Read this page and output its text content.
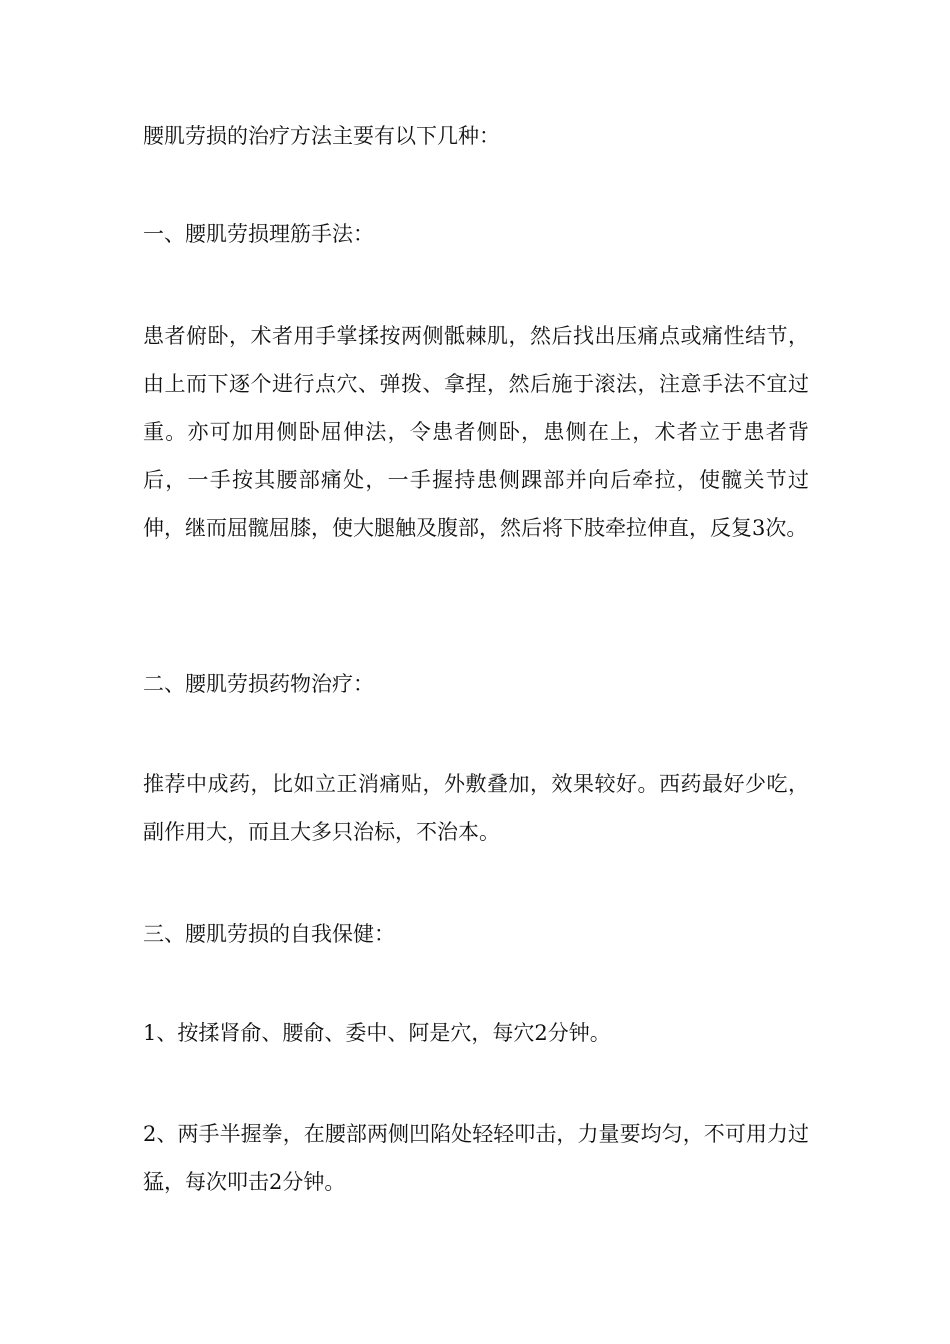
腰肌劳损的治疗方法主要有以下几种：

一、腰肌劳损理筋手法：

患者俯卧，术者用手掌揉按两侧骶棘肌，然后找出压痛点或痛性结节，由上而下逐个进行点穴、弹拨、拿捏，然后施于滚法，注意手法不宜过重。亦可加用侧卧屈伸法，令患者侧卧，患侧在上，术者立于患者背后，一手按其腰部痛处，一手握持患侧踝部并向后牵拉，使髋关节过伸，继而屈髋屈膝，使大腿触及腹部，然后将下肢牵拉伸直，反复3次。

二、腰肌劳损药物治疗：

推荐中成药，比如立正消痛贴，外敷叠加，效果较好。西药最好少吃，副作用大，而且大多只治标，不治本。

三、腰肌劳损的自我保健：

1、按揉肾俞、腰俞、委中、阿是穴，每穴2分钟。

2、两手半握拳，在腰部两侧凹陷处轻轻叩击，力量要均匀，不可用力过猛，每次叩击2分钟。
